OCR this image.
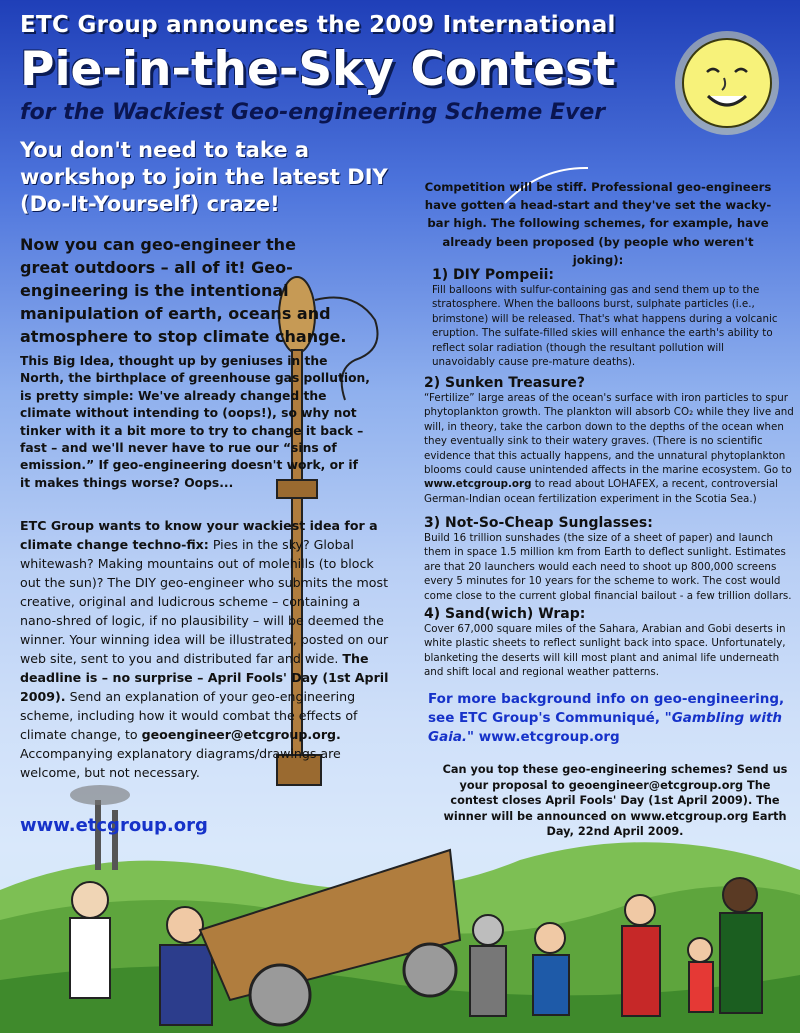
ETC Group announces the 2009 International
Pie-in-the-Sky Contest
for the Wackiest Geo-engineering Scheme Ever
You don't need to take a workshop to join the latest DIY (Do-It-Yourself) craze!
Now you can geo-engineer the great outdoors – all of it! Geo-engineering is the intentional manipulation of earth, oceans and atmosphere to stop climate change.
This Big Idea, thought up by geniuses in the North, the birthplace of greenhouse gas pollution, is pretty simple: We've already changed the climate without intending to (oops!), so why not tinker with it a bit more to try to change it back – fast – and we'll never have to rue our “sins of emission.” If geo-engineering doesn't work, or if it makes things worse? Oops...
ETC Group wants to know your wackiest idea for a climate change techno-fix: Pies in the sky? Global whitewash? Making mountains out of molehills (to block out the sun)? The DIY geo-engineer who submits the most creative, original and ludicrous scheme – containing a nano-shred of logic, if no plausibility – will be deemed the winner. Your winning idea will be illustrated, posted on our web site, sent to you and distributed far and wide. The deadline is – no surprise – April Fools' Day (1st April 2009). Send an explanation of your geo-engineering scheme, including how it would combat the effects of climate change, to geoengineer@etcgroup.org. Accompanying explanatory diagrams/drawings are welcome, but not necessary.
www.etcgroup.org
Competition will be stiff. Professional geo-engineers have gotten a head-start and they've set the wacky-bar high. The following schemes, for example, have already been proposed (by people who weren't joking):
1) DIY Pompeii:

Fill balloons with sulfur-containing gas and send them up to the stratosphere. When the balloons burst, sulphate particles (i.e., brimstone) will be released. That's what happens during a volcanic eruption. The sulfate-filled skies will enhance the earth's ability to reflect solar radiation (though the resultant pollution will unavoidably cause pre-mature deaths).

2) Sunken Treasure?

“Fertilize” large areas of the ocean's surface with iron particles to spur phytoplankton growth. The plankton will absorb CO₂ while they live and will, in theory, take the carbon down to the depths of the ocean when they eventually sink to their watery graves. (There is no scientific evidence that this actually happens, and the unnatural phytoplankton blooms could cause unintended affects in the marine ecosystem. Go to www.etcgroup.org to read about LOHAFEX, a recent, controversial German-Indian ocean fertilization experiment in the Scotia Sea.)

3) Not-So-Cheap Sunglasses:

Build 16 trillion sunshades (the size of a sheet of paper) and launch them in space 1.5 million km from Earth to deflect sunlight. Estimates are that 20 launchers would each need to shoot up 800,000 screens every 5 minutes for 10 years for the scheme to work. The cost would come close to the current global financial bailout - a few trillion dollars.

4) Sand(wich) Wrap:

Cover 67,000 square miles of the Sahara, Arabian and Gobi deserts in white plastic sheets to reflect sunlight back into space. Unfortunately, blanketing the deserts will kill most plant and animal life underneath and shift local and regional weather patterns.

For more background info on geo-engineering, see ETC Group's Communiqué, "Gambling with Gaia." www.etcgroup.org
Can you top these geo-engineering schemes? Send us your proposal to geoengineer@etcgroup.org The contest closes April Fools' Day (1st April 2009). The winner will be announced on www.etcgroup.org Earth Day, 22nd April 2009.
